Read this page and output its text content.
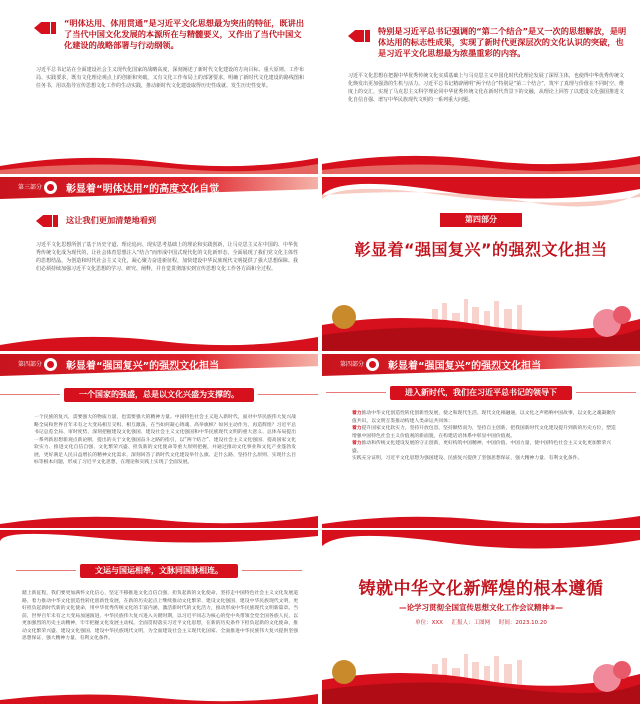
“明体达用、体用贯通”是习近平文化思想最为突出的特征，既讲出了当代中国文化发展的本源所在与精髓要义，又作出了当代中国文化建设的战略部署与行动纲领。
习近平总书记站在全面建设社会主义现代化国家的战略高度，深刻阐述了新时代文化建设的方向目标、重大原则、工作布局、实践要求，既有文化理论观点上的创新和突破，又有文化工作布局上的部署要求，明确了新时代文化建设的路线图和任务书，用以指导宣传思想文化工作的生动实践，推动新时代文化建设取得历史性成就、发生历史性变革。
特别是习近平总书记强调的“第二个结合”是又一次的思想解放，是明体达用的标志性成果，实现了新时代更深层次的文化认识的突破，也是习近平文化思想最为浓墨重彩的内容。
习近平文化思想在把握中华优秀传统文化实质基础上与马克思主义中国化时代化理论发展了深厚主体，也使得中华优秀传统文化焕发出更加强劲的生机与活力。习近平总书记精辟阐明“两个结合”特别是“第二个结合”，筑牢了真理与价值在不同时空、维度上的交汇，实现了马克思主义科学理论同中华优秀传统文化在新时代背景下的交融，从理论上回答了以建设文化强国推进文化自信自强、谱写中华民族现代文明的一系列重大问题。
第三部分 彰显着“明体达用”的高度文化自觉
这让我们更加清楚地看到
习近平文化思想所创了基于历史守道、理论追问、现实思考基础上的理论和实践创新，让马克思主义在中国的、中华优秀传统文化成为现代的，让社会体育思想注入“结合”而形成中国式现代化的文化新形态，全面展现了我们党文化主体性的思想结晶，为创造和时代社会主义文化，凝心聚力奋进新征程，加快建设中华民族现代文明提供了强大思想保障。我们必须持续加强习近平文化思想的学习、研究、阐释，并自觉贯彻落实到宣传思想文化工作各方面和全过程。
第四部分
彰显着“强国复兴”的强烈文化担当
第四部分 彰显着“强国复兴”的强烈文化担当
一个国家的强盛，总是以文化兴盛为支撑的。
一个民族的复兴，需要强大的物质力量，也需要强大的精神力量。中国特色社会主义进入新时代，面对中华民族伟大复兴战略全局和世界百年未有之大变局相互交织、相互激荡，在当如何凝心铸魂、高举旗帜？如何主动作为、再造辉煌？习近平总书记总览全局、审时度势，深刻把握建设文化强国、建设社会主义文化强国和中华民族现代文明的重大意义、总体布局提出一系列新思想新观点新论断，提出的关于文化强国奋斗之路的指引，以“两个结合”、建设社会主义文化强国、提高国家文化软实力、推进文化自信自强、文化繁荣兴盛、担负新的文化使命等重大原则把握，并通过推动文化事业和文化产业蓬勃发展，更好满足人民日益增长的精神文化需求，深刻回答了新时代文化建设举什么旗、走什么路、坚持什么原则、实现什么目标等根本问题，形成了习近平文化思想，在理论和实践上实现了全面发展。
第四部分 彰显着“强国复兴”的强烈文化担当
进入新时代，我们在习近平总书记的领导下
着力推动中华文化创造性转化创新性发展，使之和现代生活、现代文化相融通，以文化之声唱响中国故事，以文化之魂凝聚价值共识，以文明互鉴推动构建人类命运共同体；
着力提升国家文化软实力，坚持开放包容，坚持顺势而为，坚持自主创新，把我国新时代文化建设提升到新的历史方位，塑造增强中国特色社会主义价值观的新面貌，在构建话语体系中彰显中国价值观。
着力推动和传统文化建设发展的守正创新，更好构筑中国精神、中国价值、中国力量，使中国特色社会主义文化更加繁荣兴盛。
实践充分证明，习近平文化思想为强国建设、民族复兴提供了坚强思想保证、强大精神力量、有利文化条件。
文运与国运相牵，文脉同国脉相连。
踏上新征程，我们要更加满怀文化信心，坚定不移推进文化自信自强，担负起新的文化使命，坚持走中国特色社会主义文化发展道路，着力推动中华文化创造性转化创新性发展，在新的历史起点上继续推动文化繁荣、建设文化强国、建设中华民族现代文明，更好担负起新时代新的文化使命，用中华优秀传统文化的丰富内涵，激活新时代的文化活力，推动形成中华民族现代文明新篇章。当前，世界百年未有之大变局加速演进，中华民族伟大复兴进入关键时期，以习近平同志为核心的党中央带领全党全国各族人民，以更加强烈的历史主动精神，牢牢把握文化发展主动权。全面贯彻落实习近平文化思想，在新的历史条件下担负起新的文化使命，推动文化繁荣兴盛、建设文化强国、建设中华民族现代文明，为全面建设社会主义现代化国家、全面推进中华民族伟大复兴提供坚强思想保证、强大精神力量、有利文化条件。
铸就中华文化新辉煌的根本遵循
—论学习贯彻全国宣传思想文化工作会议精神③—
单位：XXX 汇报人：工图网 时间：2023.10.20
